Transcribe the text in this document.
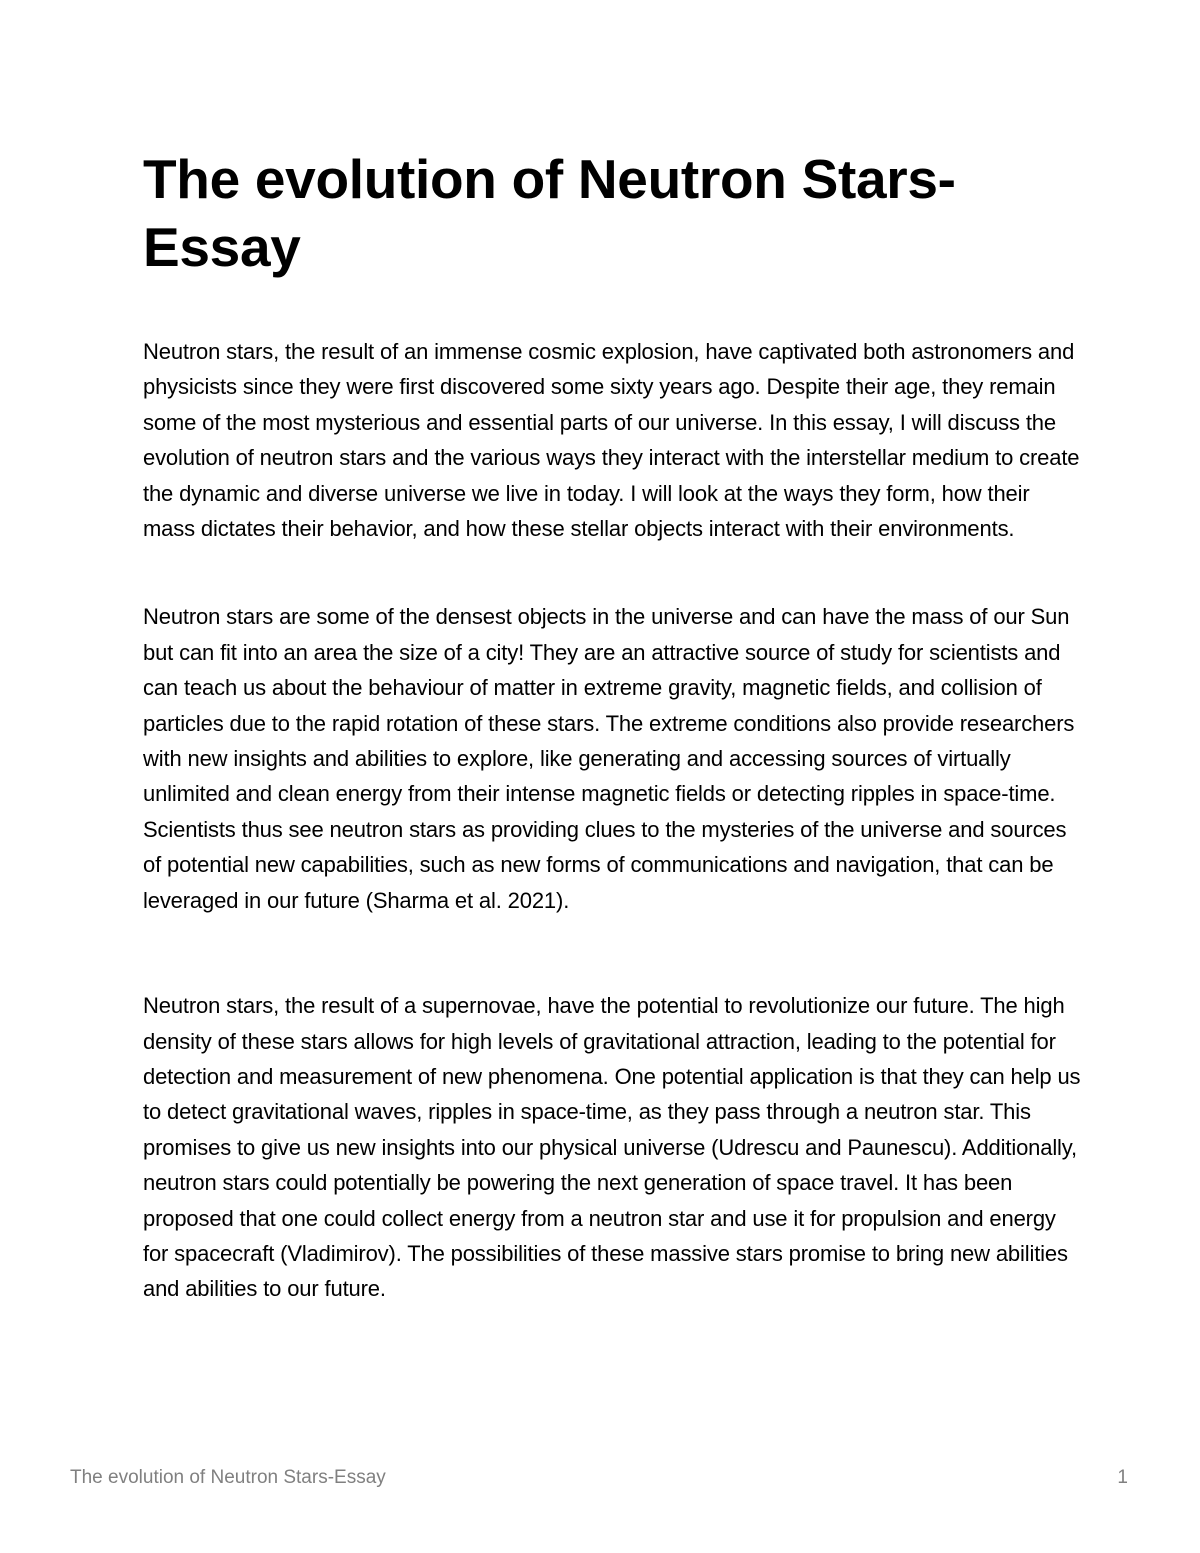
The evolution of Neutron Stars-
Essay

Neutron stars, the result of an immense cosmic explosion, have captivated both astronomers and physicists since they were first discovered some sixty years ago. Despite their age, they remain some of the most mysterious and essential parts of our universe. In this essay, I will discuss the evolution of neutron stars and the various ways they interact with the interstellar medium to create the dynamic and diverse universe we live in today. I will look at the ways they form, how their mass dictates their behavior, and how these stellar objects interact with their environments.

Neutron stars are some of the densest objects in the universe and can have the mass of our Sun but can fit into an area the size of a city! They are an attractive source of study for scientists and can teach us about the behaviour of matter in extreme gravity, magnetic fields, and collision of particles due to the rapid rotation of these stars. The extreme conditions also provide researchers with new insights and abilities to explore, like generating and accessing sources of virtually unlimited and clean energy from their intense magnetic fields or detecting ripples in space-time. Scientists thus see neutron stars as providing clues to the mysteries of the universe and sources of potential new capabilities, such as new forms of communications and navigation, that can be leveraged in our future (Sharma et al. 2021).

Neutron stars, the result of a supernovae, have the potential to revolutionize our future. The high density of these stars allows for high levels of gravitational attraction, leading to the potential for detection and measurement of new phenomena. One potential application is that they can help us to detect gravitational waves, ripples in space-time, as they pass through a neutron star. This promises to give us new insights into our physical universe (Udrescu and Paunescu). Additionally, neutron stars could potentially be powering the next generation of space travel. It has been proposed that one could collect energy from a neutron star and use it for propulsion and energy for spacecraft (Vladimirov). The possibilities of these massive stars promise to bring new abilities and abilities to our future.

The evolution of Neutron Stars-Essay	1
